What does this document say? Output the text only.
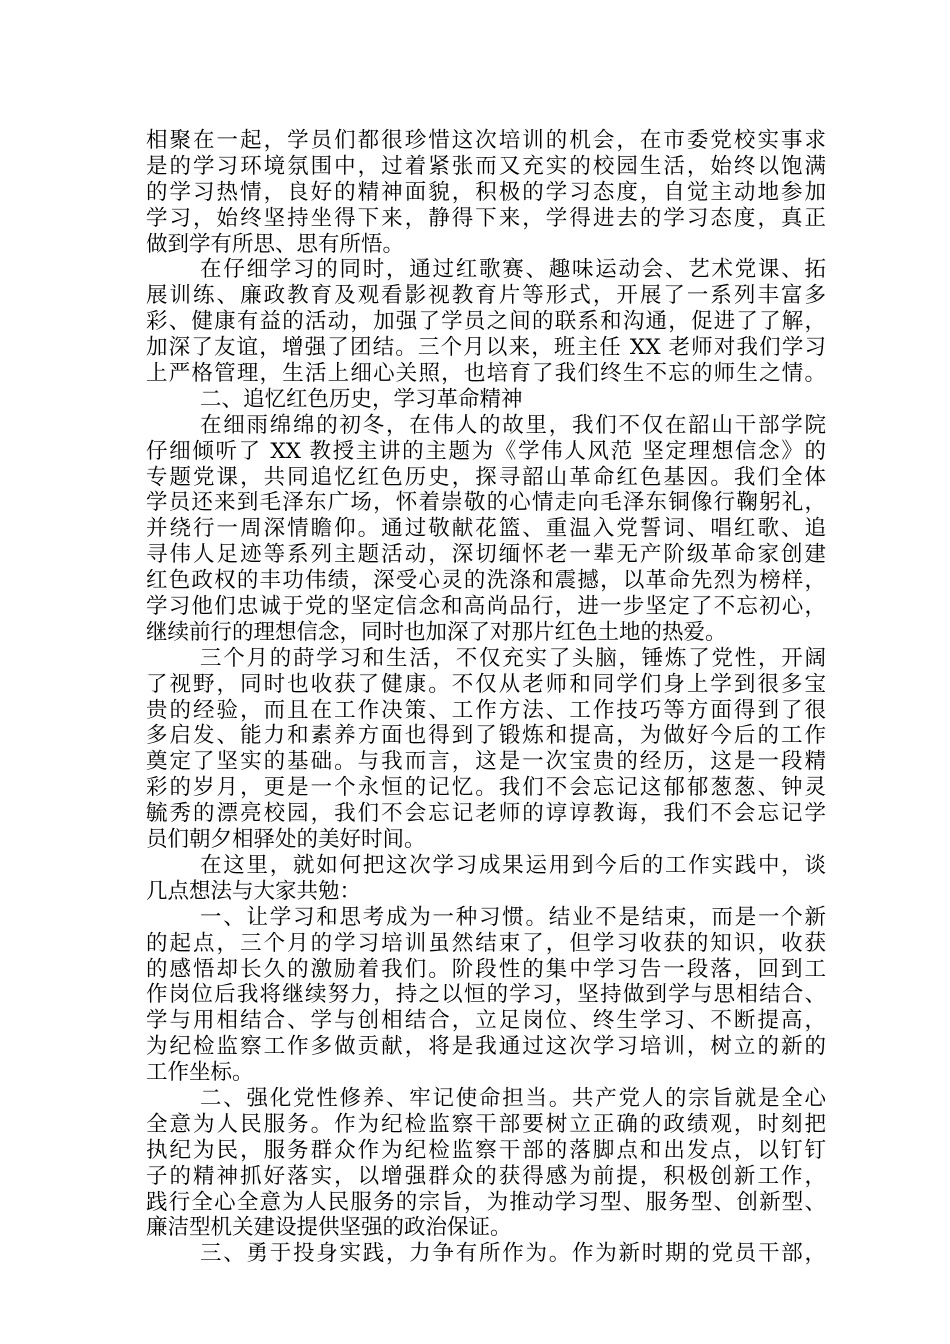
相聚在一起，学员们都很珍惜这次培训的机会，在市委党校实事求
是的学习环境氛围中，过着紧张而又充实的校园生活，始终以饱满
的学习热情，良好的精神面貌，积极的学习态度，自觉主动地参加
学习，始终坚持坐得下来，静得下来，学得进去的学习态度，真正
做到学有所思、思有所悟。
在仔细学习的同时，通过红歌赛、趣味运动会、艺术党课、拓
展训练、廉政教育及观看影视教育片等形式，开展了一系列丰富多
彩、健康有益的活动，加强了学员之间的联系和沟通，促进了了解，
加深了友谊，增强了团结。三个月以来，班主任 XX 老师对我们学习
上严格管理，生活上细心关照，也培育了我们终生不忘的师生之情。
二、追忆红色历史，学习革命精神
在细雨绵绵的初冬，在伟人的故里，我们不仅在韶山干部学院
仔细倾听了 XX 教授主讲的主题为《学伟人风范 坚定理想信念》的
专题党课，共同追忆红色历史，探寻韶山革命红色基因。我们全体
学员还来到毛泽东广场，怀着崇敬的心情走向毛泽东铜像行鞠躬礼，
并绕行一周深情瞻仰。通过敬献花篮、重温入党誓词、唱红歌、追
寻伟人足迹等系列主题活动，深切缅怀老一辈无产阶级革命家创建
红色政权的丰功伟绩，深受心灵的洗涤和震撼，以革命先烈为榜样，
学习他们忠诚于党的坚定信念和高尚品行，进一步坚定了不忘初心，
继续前行的理想信念，同时也加深了对那片红色土地的热爱。
三个月的莳学习和生活，不仅充实了头脑，锤炼了党性，开阔
了视野，同时也收获了健康。不仅从老师和同学们身上学到很多宝
贵的经验，而且在工作决策、工作方法、工作技巧等方面得到了很
多启发、能力和素养方面也得到了锻炼和提高，为做好今后的工作
奠定了坚实的基础。与我而言，这是一次宝贵的经历，这是一段精
彩的岁月，更是一个永恒的记忆。我们不会忘记这郁郁葱葱、钟灵
毓秀的漂亮校园，我们不会忘记老师的谆谆教诲，我们不会忘记学
员们朝夕相驿处的美好时间。
在这里，就如何把这次学习成果运用到今后的工作实践中，谈
几点想法与大家共勉：
一、让学习和思考成为一种习惯。结业不是结束，而是一个新
的起点，三个月的学习培训虽然结束了，但学习收获的知识，收获
的感悟却长久的激励着我们。阶段性的集中学习告一段落，回到工
作岗位后我将继续努力，持之以恒的学习，坚持做到学与思相结合、
学与用相结合、学与创相结合，立足岗位、终生学习、不断提高，
为纪检监察工作多做贡献，将是我通过这次学习培训，树立的新的
工作坐标。
二、强化党性修养、牢记使命担当。共产党人的宗旨就是全心
全意为人民服务。作为纪检监察干部要树立正确的政绩观，时刻把
执纪为民，服务群众作为纪检监察干部的落脚点和出发点，以钉钉
子的精神抓好落实，以增强群众的获得感为前提，积极创新工作，
践行全心全意为人民服务的宗旨，为推动学习型、服务型、创新型、
廉洁型机关建设提供坚强的政治保证。
三、勇于投身实践，力争有所作为。作为新时期的党员干部，
